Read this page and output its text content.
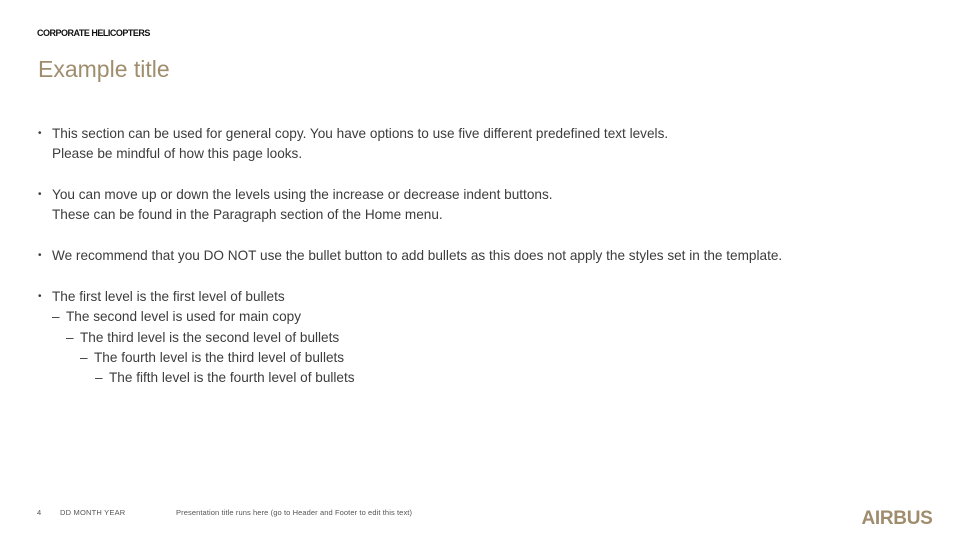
CORPORATE HELICOPTERS
Example title
• This section can be used for general copy. You have options to use five different predefined text levels.
Please be mindful of how this page looks.
• You can move up or down the levels using the increase or decrease indent buttons.
These can be found in the Paragraph section of the Home menu.
• We recommend that you DO NOT use the bullet button to add bullets as this does not apply the styles set in the template.
• The first level is the first level of bullets
– The second level is used for main copy
– The third level is the second level of bullets
– The fourth level is the third level of bullets
– The fifth level is the fourth level of bullets
4	DD MONTH YEAR	Presentation title runs here (go to Header and Footer to edit this text)	AIRBUS
